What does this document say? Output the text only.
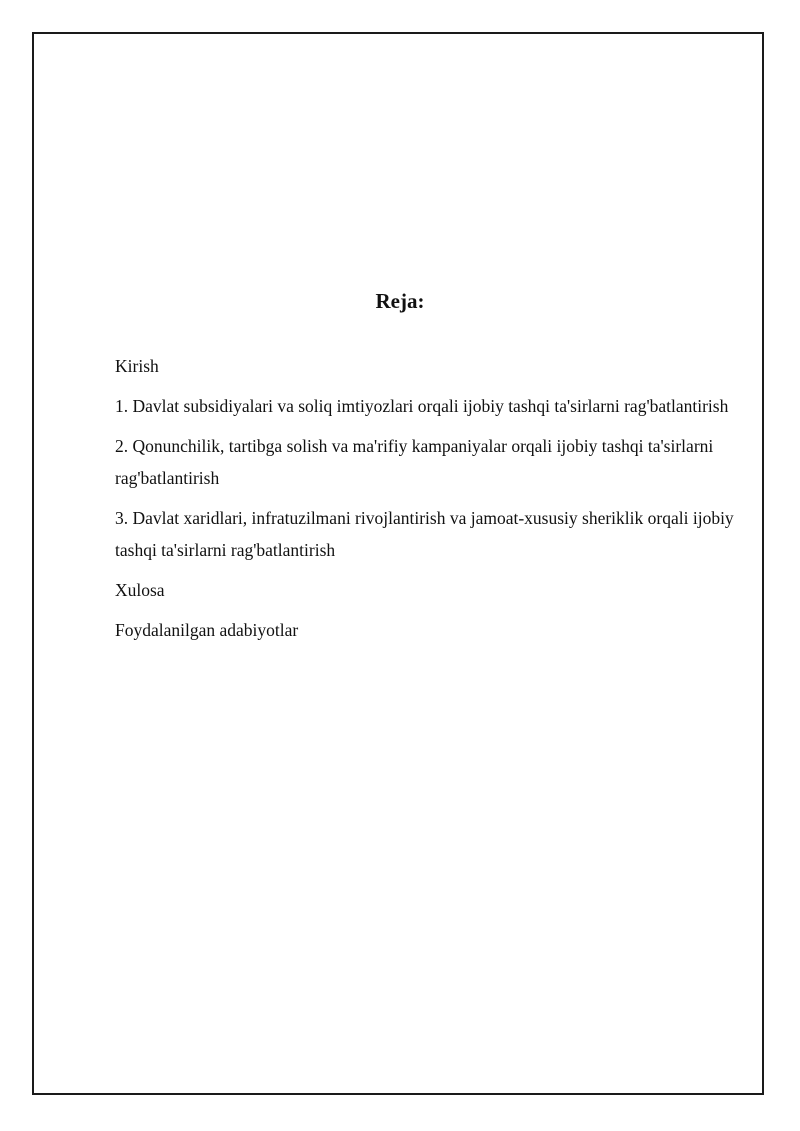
Reja:
Kirish
1. Davlat subsidiyalari va soliq imtiyozlari orqali ijobiy tashqi ta'sirlarni rag'batlantirish
2. Qonunchilik, tartibga solish va ma'rifiy kampaniyalar orqali ijobiy tashqi ta'sirlarni rag'batlantirish
3. Davlat xaridlari, infratuzilmani rivojlantirish va jamoat-xususiy sheriklik orqali ijobiy tashqi ta'sirlarni rag'batlantirish
Xulosa
Foydalanilgan adabiyotlar
